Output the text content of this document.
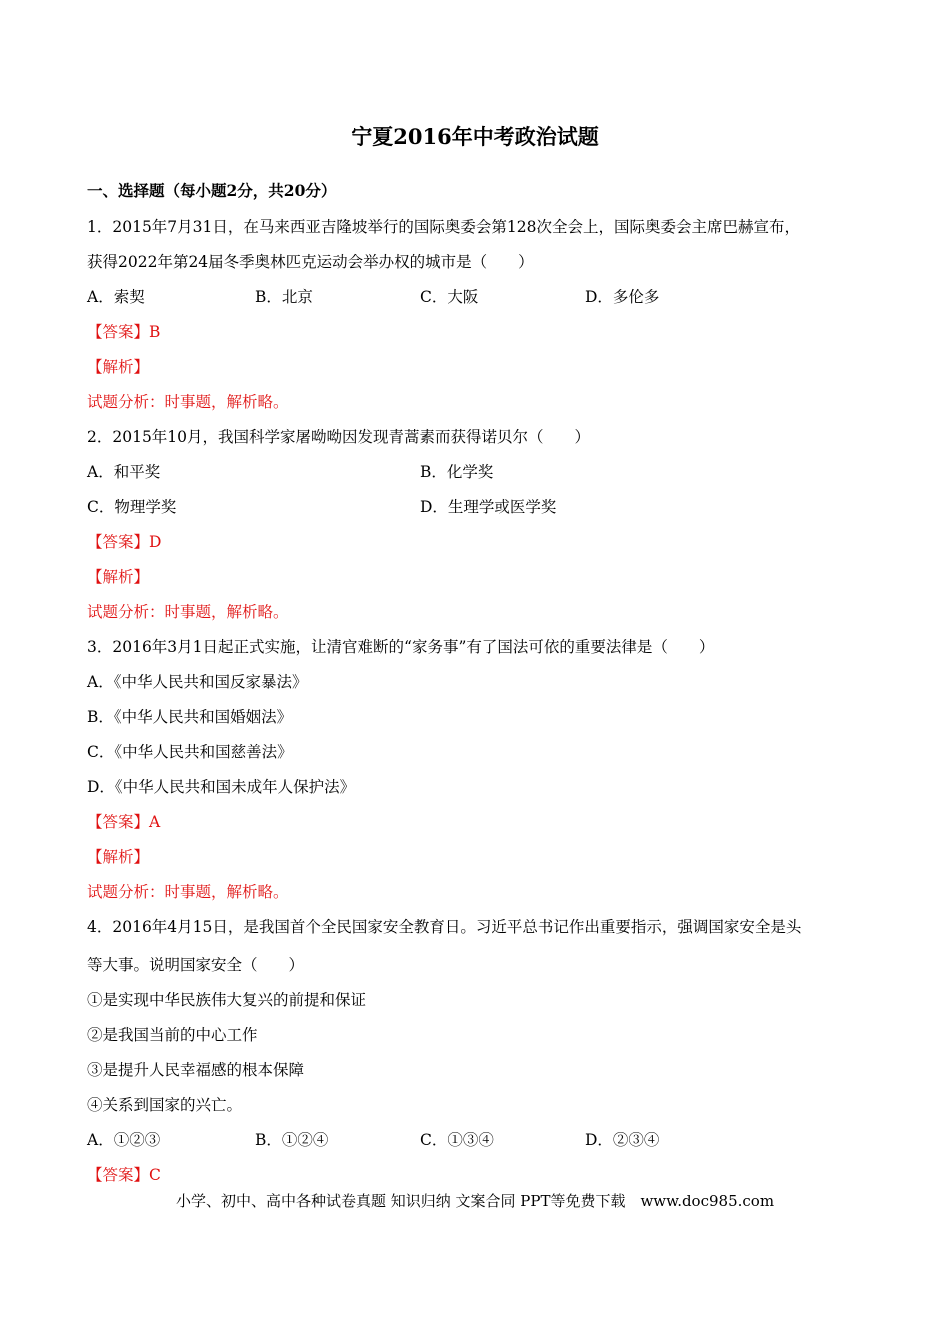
宁夏2016年中考政治试题
一、选择题（每小题2分，共20分）
1．2015年7月31日，在马来西亚吉隆坡举行的国际奥委会第128次全会上，国际奥委会主席巴赫宣布，
获得2022年第24届冬季奥林匹克运动会举办权的城市是（　　）
A．索契	B．北京	C．大阪	D．多伦多
【答案】B
【解析】
试题分析：时事题，解析略。
2．2015年10月，我国科学家屠呦呦因发现青蒿素而获得诺贝尔（　　）
A．和平奖	B．化学奖
C．物理学奖	D．生理学或医学奖
【答案】D
【解析】
试题分析：时事题，解析略。
3．2016年3月1日起正式实施，让清官难断的“家务事”有了国法可依的重要法律是（　　）
A．《中华人民共和国反家暴法》
B．《中华人民共和国婚姻法》
C．《中华人民共和国慈善法》
D．《中华人民共和国未成年人保护法》
【答案】A
【解析】
试题分析：时事题，解析略。
4．2016年4月15日，是我国首个全民国家安全教育日。习近平总书记作出重要指示，强调国家安全是头
等大事。说明国家安全（　　）
①是实现中华民族伟大复兴的前提和保证
②是我国当前的中心工作
③是提升人民幸福感的根本保障
④关系到国家的兴亡。
A．①②③	B．①②④	C．①③④	D．②③④
【答案】C
小学、初中、高中各种试卷真题 知识归纳 文案合同 PPT等免费下载　www.doc985.com
